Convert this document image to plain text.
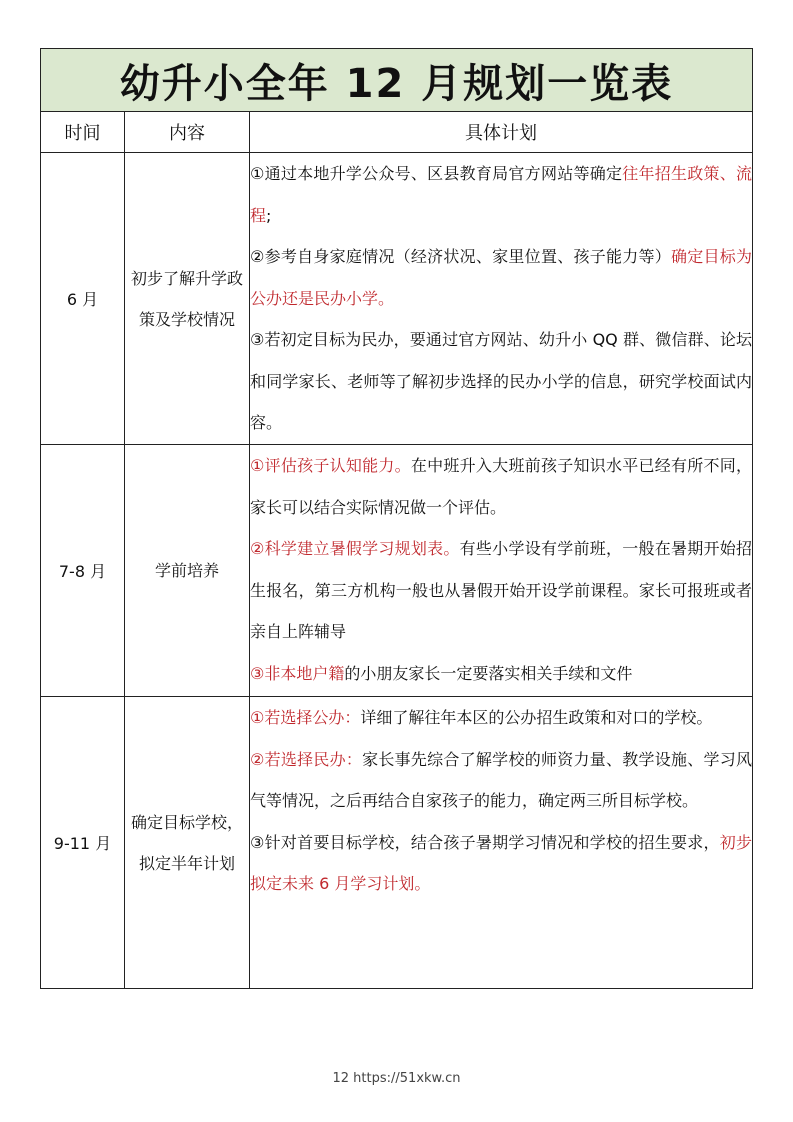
幼升小全年 12 月规划一览表		
时间	内容	具体计划
6 月	初步了解升学政策及学校情况	①通过本地升学公众号、区县教育局官方网站等确定往年招生政策、流程;

②参考自身家庭情况（经济状况、家里位置、孩子能力等）确定目标为公办还是民办小学。

③若初定目标为民办，要通过官方网站、幼升小 QQ 群、微信群、论坛和同学家长、老师等了解初步选择的民办小学的信息，研究学校面试内容。

7-8 月	学前培养	①评估孩子认知能力。在中班升入大班前孩子知识水平已经有所不同，家长可以结合实际情况做一个评估。

②科学建立暑假学习规划表。有些小学设有学前班，一般在暑期开始招生报名，第三方机构一般也从暑假开始开设学前课程。家长可报班或者亲自上阵辅导

③非本地户籍的小朋友家长一定要落实相关手续和文件

9-11 月	确定目标学校，拟定半年计划	①若选择公办：详细了解往年本区的公办招生政策和对口的学校。

②若选择民办：家长事先综合了解学校的师资力量、教学设施、学习风气等情况，之后再结合自家孩子的能力，确定两三所目标学校。

③针对首要目标学校，结合孩子暑期学习情况和学校的招生要求，初步拟定未来 6 月学习计划。

12 https://51xkw.cn
